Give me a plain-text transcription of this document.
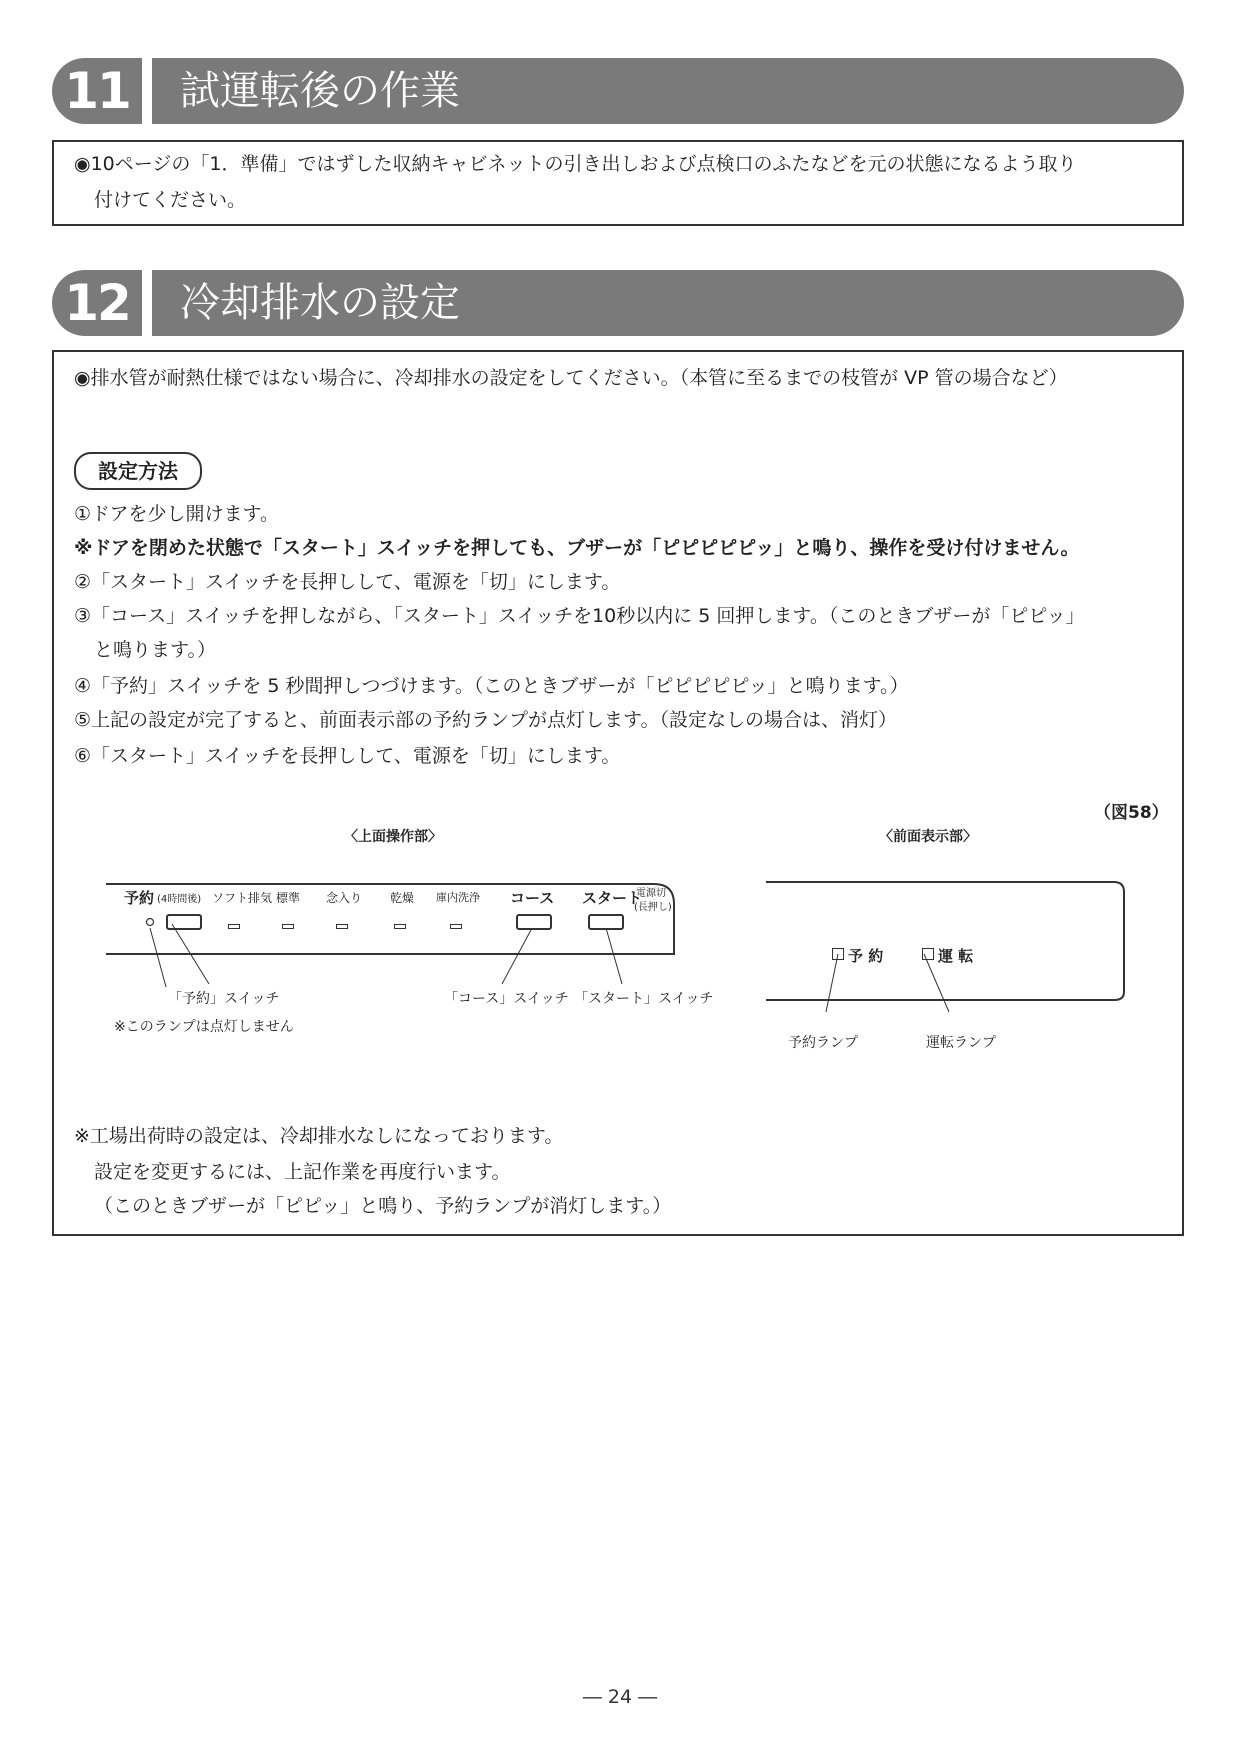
11	試運転後の作業
◉10ページの「1．準備」ではずした収納キャビネットの引き出しおよび点検口のふたなどを元の状態になるよう取り
付けてください。
12	冷却排水の設定
◉排水管が耐熱仕様ではない場合に、冷却排水の設定をしてください。（本管に至るまでの枝管が VP 管の場合など）
設定方法
①ドアを少し開けます。
※ドアを閉めた状態で「スタート」スイッチを押しても、ブザーが「ピピピピピッ」と鳴り、操作を受け付けません。
②「スタート」スイッチを長押しして、電源を「切」にします。
③「コース」スイッチを押しながら、「スタート」スイッチを10秒以内に 5 回押します。（このときブザーが「ピピッ」
と鳴ります。）
④「予約」スイッチを 5 秒間押しつづけます。（このときブザーが「ピピピピピッ」と鳴ります。）
⑤上記の設定が完了すると、前面表示部の予約ランプが点灯します。（設定なしの場合は、消灯）
⑥「スタート」スイッチを長押しして、電源を「切」にします。
（図58）
〈上面操作部〉	〈前面表示部〉
予約 (4時間後) ソフト排気 標準 念入り 乾燥 庫内洗浄 コース スタート
電源切
(長押し)
「予約」スイッチ
※このランプは点灯しません
「コース」スイッチ 「スタート」スイッチ
予 約	運 転
予約ランプ	運転ランプ
※工場出荷時の設定は、冷却排水なしになっております。
設定を変更するには、上記作業を再度行います。
（このときブザーが「ピピッ」と鳴り、予約ランプが消灯します。）
― 24 ―
